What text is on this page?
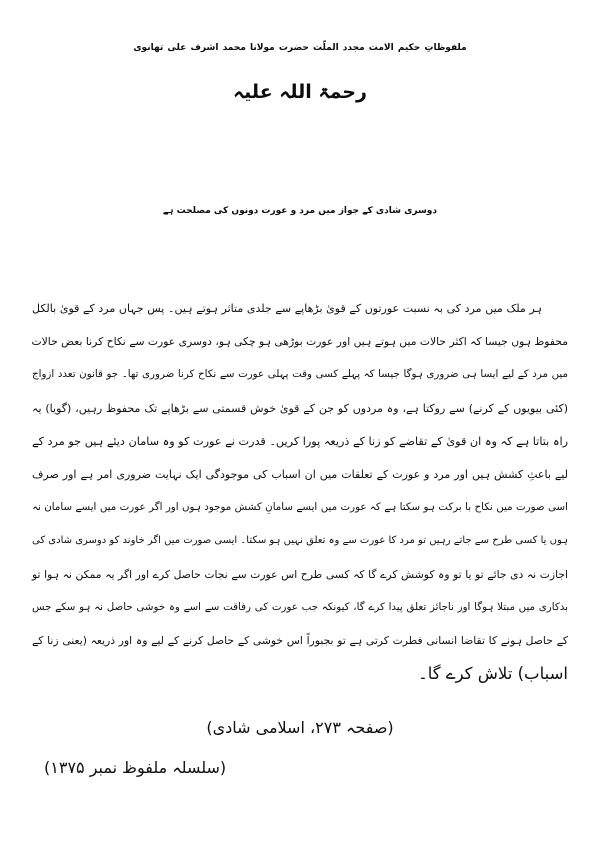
ملفوظاتِ حکیم الامت مجدد الملّت حضرت مولانا محمد اشرف علی تھانوی
رحمۃ اللہ علیہ
دوسری شادی کے جواز میں مرد و عورت دونوں کی مصلحت ہے
ہر ملک میں مرد کی بہ نسبت عورتوں کے قویٰ بڑھاپے سے جلدی متاثر ہوتے ہیں۔ پس جہاں مرد کے قویٰ بالکل
محفوظ ہوں جیسا کہ اکثر حالات میں ہوتے ہیں اور عورت بوڑھی ہو چکی ہو، دوسری عورت سے نکاح کرنا بعض حالات
میں مرد کے لیے ایسا ہی ضروری ہوگا جیسا کہ پہلے کسی وقت پہلی عورت سے نکاح کرنا ضروری تھا۔ جو قانون تعدد ازواج
(کئی بیویوں کے کرنے) سے روکتا ہے، وہ مردوں کو جن کے قویٰ خوش قسمتی سے بڑھاپے تک محفوظ رہیں، (گویا) یہ
راہ بتاتا ہے کہ وہ ان قویٰ کے تقاضے کو زنا کے ذریعہ پورا کریں۔ قدرت نے عورت کو وہ سامان دیئے ہیں جو مرد کے
لیے باعثِ کشش ہیں اور مرد و عورت کے تعلقات میں ان اسباب کی موجودگی ایک نہایت ضروری امر ہے اور صرف
اسی صورت میں نکاح با برکت ہو سکتا ہے کہ عورت میں ایسے سامانِ کشش موجود ہوں اور اگر عورت میں ایسے سامان نہ
ہوں یا کسی طرح سے جاتے رہیں تو مرد کا عورت سے وہ تعلق نہیں ہو سکتا۔ ایسی صورت میں اگر خاوند کو دوسری شادی کی
اجازت نہ دی جائے تو یا تو وہ کوشش کرے گا کہ کسی طرح اس عورت سے نجات حاصل کرے اور اگر یہ ممکن نہ ہوا تو
بدکاری میں مبتلا ہوگا اور ناجائز تعلق پیدا کرے گا، کیونکہ جب عورت کی رفاقت سے اسے وہ خوشی حاصل نہ ہو سکے جس
کے حاصل ہونے کا تقاضا انسانی فطرت کرتی ہے تو بجبوراً اس خوشی کے حاصل کرنے کے لیے وہ اور ذریعہ (یعنی زنا کے
اسباب) تلاش کرے گا۔
(صفحہ ۲۷۳، اسلامی شادی)
(سلسلہ ملفوظ نمبر ۱۳۷۵)
